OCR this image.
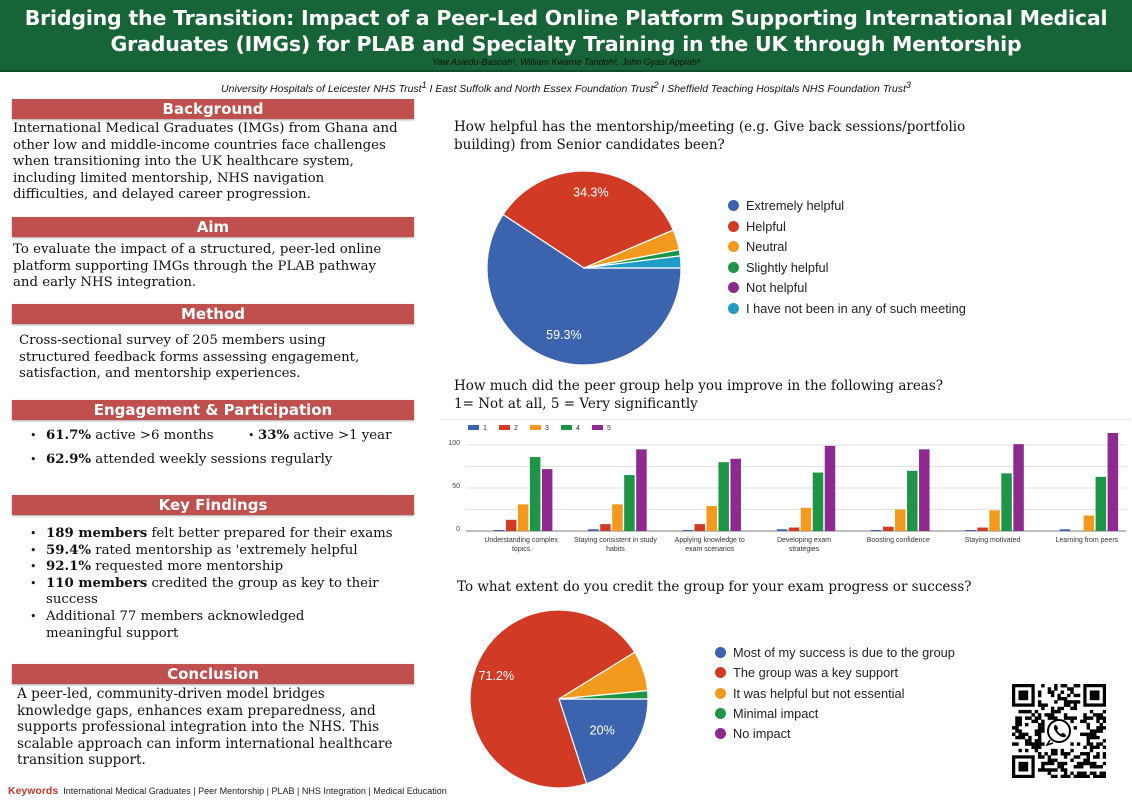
Bridging the Transition: Impact of a Peer-Led Online Platform Supporting International Medical
Graduates (IMGs) for PLAB and Specialty Training in the UK through Mentorship
Yaw Asiedu-Basoah¹, William Kwame Tandoh², John Gyasi Appiah³
University Hospitals of Leicester NHS Trust$^1$ I East Suffolk and North Essex Foundation Trust$^2$ I Sheffield Teaching Hospitals NHS Foundation Trust$^3$
Background
International Medical Graduates (IMGs) from Ghana and
other low and middle-income countries face challenges
when transitioning into the UK healthcare system,
including limited mentorship, NHS navigation
difficulties, and delayed career progression.
Aim
To evaluate the impact of a structured, peer-led online
platform supporting IMGs through the PLAB pathway
and early NHS integration.
Method
Cross-sectional survey of 205 members using
structured feedback forms assessing engagement,
satisfaction, and mentorship experiences.
Engagement & Participation
• 61.7% active >6 months	• 33% active >1 year
• 62.9% attended weekly sessions regularly
Key Findings
• 189 members felt better prepared for their exams
• 59.4% rated mentorship as 'extremely helpful
• 92.1% requested more mentorship
• 110 members credited the group as key to their
success
• Additional 77 members acknowledged
meaningful support
Conclusion
A peer-led, community-driven model bridges
knowledge gaps, enhances exam preparedness, and
supports professional integration into the NHS. This
scalable approach can inform international healthcare
transition support.
Keywords International Medical Graduates | Peer Mentorship | PLAB | NHS Integration | Medical Education
How helpful has the mentorship/meeting (e.g. Give back sessions/portfolio
building) from Senior candidates been?
59.3%
34.3%
Extremely helpful
Helpful
Neutral
Slightly helpful
Not helpful
I have not been in any of such meeting
How much did the peer group help you improve in the following areas?
1= Not at all, 5 = Very significantly
1	2	3	4	5
Understanding complex
topics
Staying consistent in study
habits
Applying knowledge to
exam scenarios
Developing exam
strategies
Boosting confidence	Staying motivated	Learning from peers
0
50
100
To what extent do you credit the group for your exam progress or success?
20%
71.2%
Most of my success is due to the group
The group was a key support
It was helpful but not essential
Minimal impact
No impact
